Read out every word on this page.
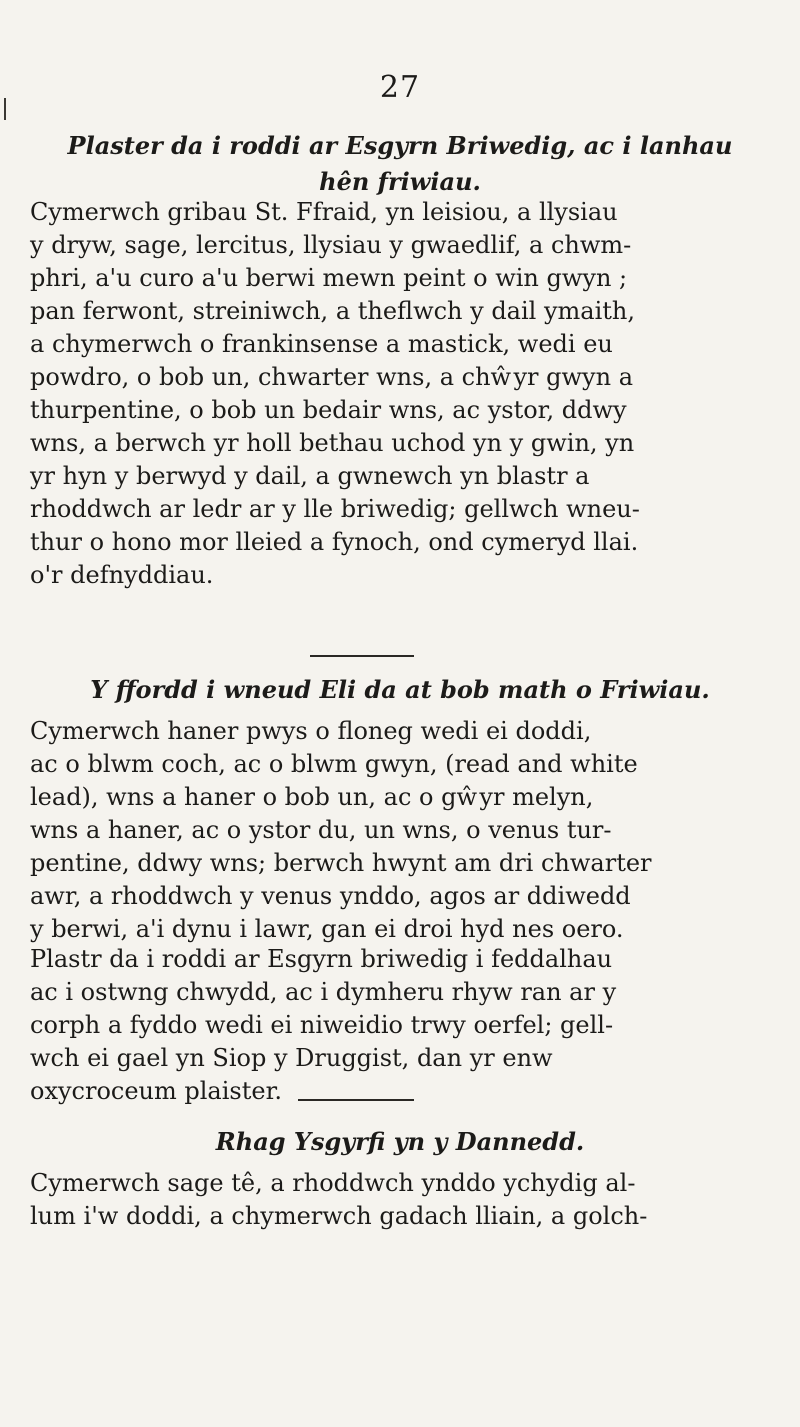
27
Plaster da i roddi ar Esgyrn Briwedig, ac i lanhau
hên friwiau.

Cymerwch gribau St. Ffraid, yn leisiou, a llysiau
y dryw, sage, lercitus, llysiau y gwaedlif, a chwm-
phri, a'u curo a'u berwi mewn peint o win gwyn ;
pan ferwont, streiniwch, a theflwch y dail ymaith,
a chymerwch o frankinsense a mastick, wedi eu
powdro, o bob un, chwarter wns, a chŵyr gwyn a
thurpentine, o bob un bedair wns, ac ystor, ddwy
wns, a berwch yr holl bethau uchod yn y gwin, yn
yr hyn y berwyd y dail, a gwnewch yn blastr a
rhoddwch ar ledr ar y lle briwedig; gellwch wneu-
thur o hono mor lleied a fynoch, ond cymeryd llai.
o'r defnyddiau.

Y ffordd i wneud Eli da at bob math o Friwiau.

Cymerwch haner pwys o floneg wedi ei doddi,
ac o blwm coch, ac o blwm gwyn, (read and white
lead), wns a haner o bob un, ac o gŵyr melyn,
wns a haner, ac o ystor du, un wns, o venus tur-
pentine, ddwy wns; berwch hwynt am dri chwarter
awr, a rhoddwch y venus ynddo, agos ar ddiwedd
y berwi, a'i dynu i lawr, gan ei droi hyd nes oero.

Plastr da i roddi ar Esgyrn briwedig i feddalhau
ac i ostwng chwydd, ac i dymheru rhyw ran ar y
corph a fyddo wedi ei niweidio trwy oerfel; gell-
wch ei gael yn Siop y Druggist, dan yr enw
oxycroceum plaister.

Rhag Ysgyrfi yn y Dannedd.

Cymerwch sage tê, a rhoddwch ynddo ychydig al-
lum i'w doddi, a chymerwch gadach lliain, a golch-
